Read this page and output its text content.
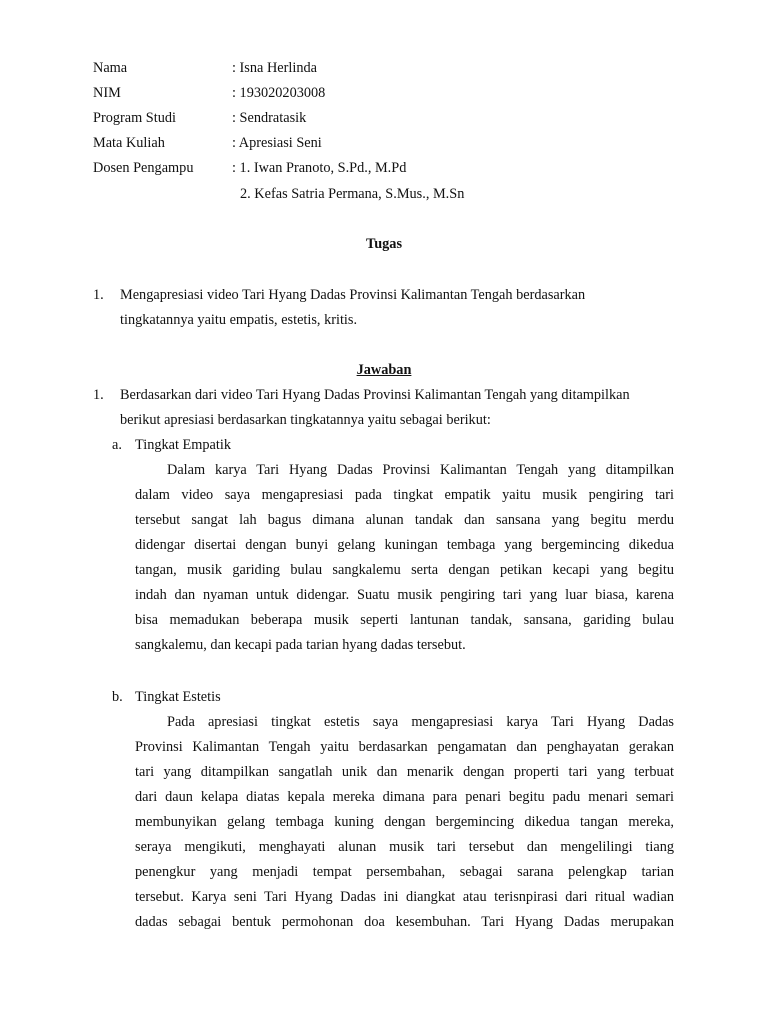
Nama	: Isna Herlinda
NIM	: 193020203008
Program Studi	: Sendratasik
Mata Kuliah	: Apresiasi Seni
Dosen Pengampu	: 1. Iwan Pranoto, S.Pd., M.Pd
2. Kefas Satria Permana, S.Mus., M.Sn
Tugas
1. Mengapresiasi video Tari Hyang Dadas Provinsi Kalimantan Tengah berdasarkan
tingkatannya yaitu empatis, estetis, kritis.
Jawaban
1. Berdasarkan dari video Tari Hyang Dadas Provinsi Kalimantan Tengah yang ditampilkan
berikut apresiasi berdasarkan tingkatannya yaitu sebagai berikut:
a. Tingkat Empatik
Dalam karya Tari Hyang Dadas Provinsi Kalimantan Tengah yang ditampilkan
dalam video saya mengapresiasi pada tingkat empatik yaitu musik pengiring tari
tersebut sangat lah bagus dimana alunan tandak dan sansana yang begitu merdu
didengar disertai dengan bunyi gelang kuningan tembaga yang bergemincing dikedua
tangan, musik gariding bulau sangkalemu serta dengan petikan kecapi yang begitu
indah dan nyaman untuk didengar. Suatu musik pengiring tari yang luar biasa, karena
bisa memadukan beberapa musik seperti lantunan tandak, sansana, gariding bulau
sangkalemu, dan kecapi pada tarian hyang dadas tersebut.
b. Tingkat Estetis
Pada apresiasi tingkat estetis saya mengapresiasi karya Tari Hyang Dadas
Provinsi Kalimantan Tengah yaitu berdasarkan pengamatan dan penghayatan gerakan
tari yang ditampilkan sangatlah unik dan menarik dengan properti tari yang terbuat
dari daun kelapa diatas kepala mereka dimana para penari begitu padu menari semari
membunyikan gelang tembaga kuning dengan bergemincing dikedua tangan mereka,
seraya mengikuti, menghayati alunan musik tari tersebut dan mengelilingi tiang
penengkur yang menjadi tempat persembahan, sebagai sarana pelengkap tarian
tersebut. Karya seni Tari Hyang Dadas ini diangkat atau terisnpirasi dari ritual wadian
dadas sebagai bentuk permohonan doa kesembuhan. Tari Hyang Dadas merupakan
